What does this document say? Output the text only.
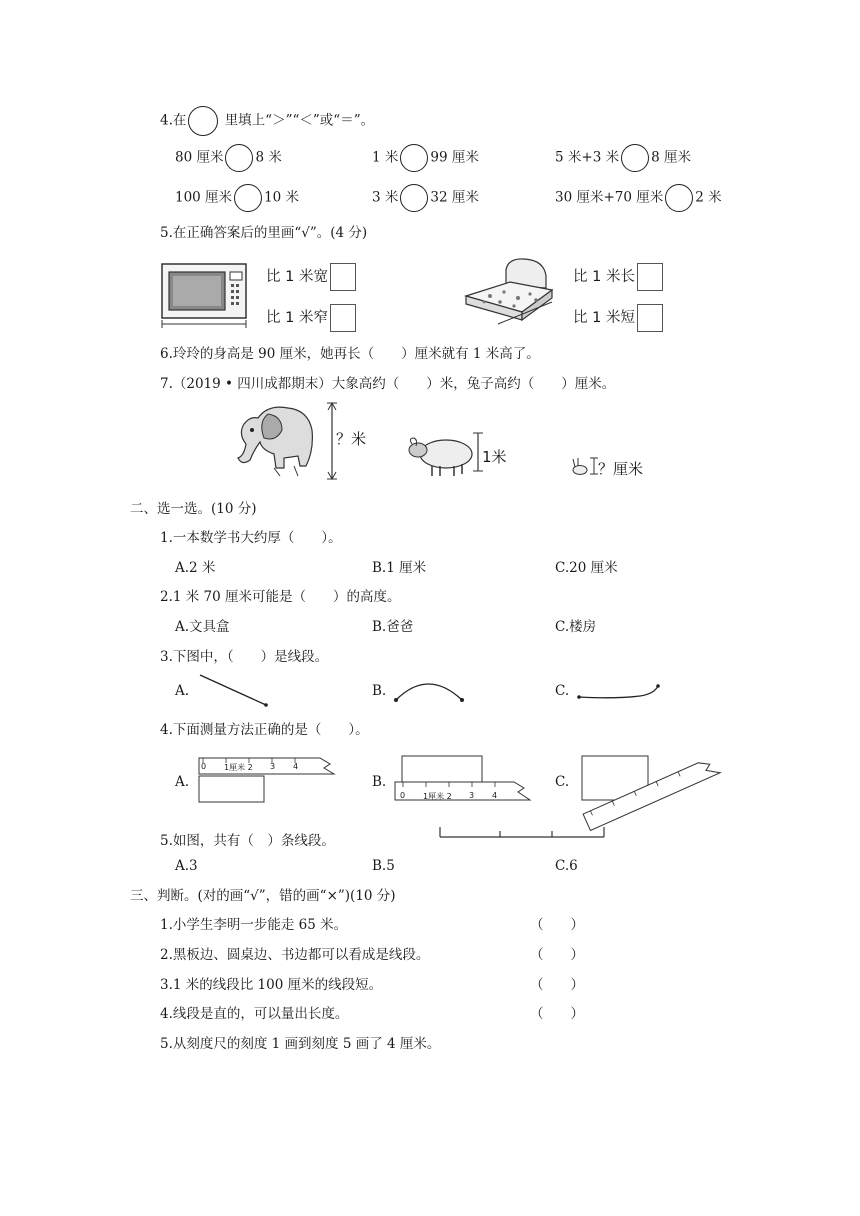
4.在	里填上“＞”“＜”或“＝”。
80 厘米 8 米	1 米 99 厘米	5 米+3 米 8 厘米
100 厘米 10 米	3 米 32 厘米	30 厘米+70 厘米 2 米
5.在正确答案后的里画“√”。(4 分)
比 1 米宽
比 1 米窄
比 1 米长
比 1 米短
6.玲玲的身高是 90 厘米，她再长（　　）厘米就有 1 米高了。
7.（2019 • 四川成都期末）大象高约（　　）米，兔子高约（　　）厘米。
？米
1米
？厘米
二、选一选。(10 分)
1.一本数学书大约厚（　　）。
A.2 米	B.1 厘米	C.20 厘米
2.1 米 70 厘米可能是（　　）的高度。
A.文具盒	B.爸爸	C.楼房
3.下图中，（　　）是线段。
A.	B.	C.
4.下面测量方法正确的是（　　）。
A.	B.	C.
0 1厘米 2 3 4
0 1厘米 2 3 4
5.如图，共有（　）条线段。
A.3	B.5	C.6
三、判断。(对的画“√”，错的画“×”)(10 分)
1.小学生李明一步能走 65 米。	（　　）
2.黑板边、圆桌边、书边都可以看成是线段。	（　　）
3.1 米的线段比 100 厘米的线段短。	（　　）
4.线段是直的，可以量出长度。	（　　）
5.从刻度尺的刻度 1 画到刻度 5 画了 4 厘米。
